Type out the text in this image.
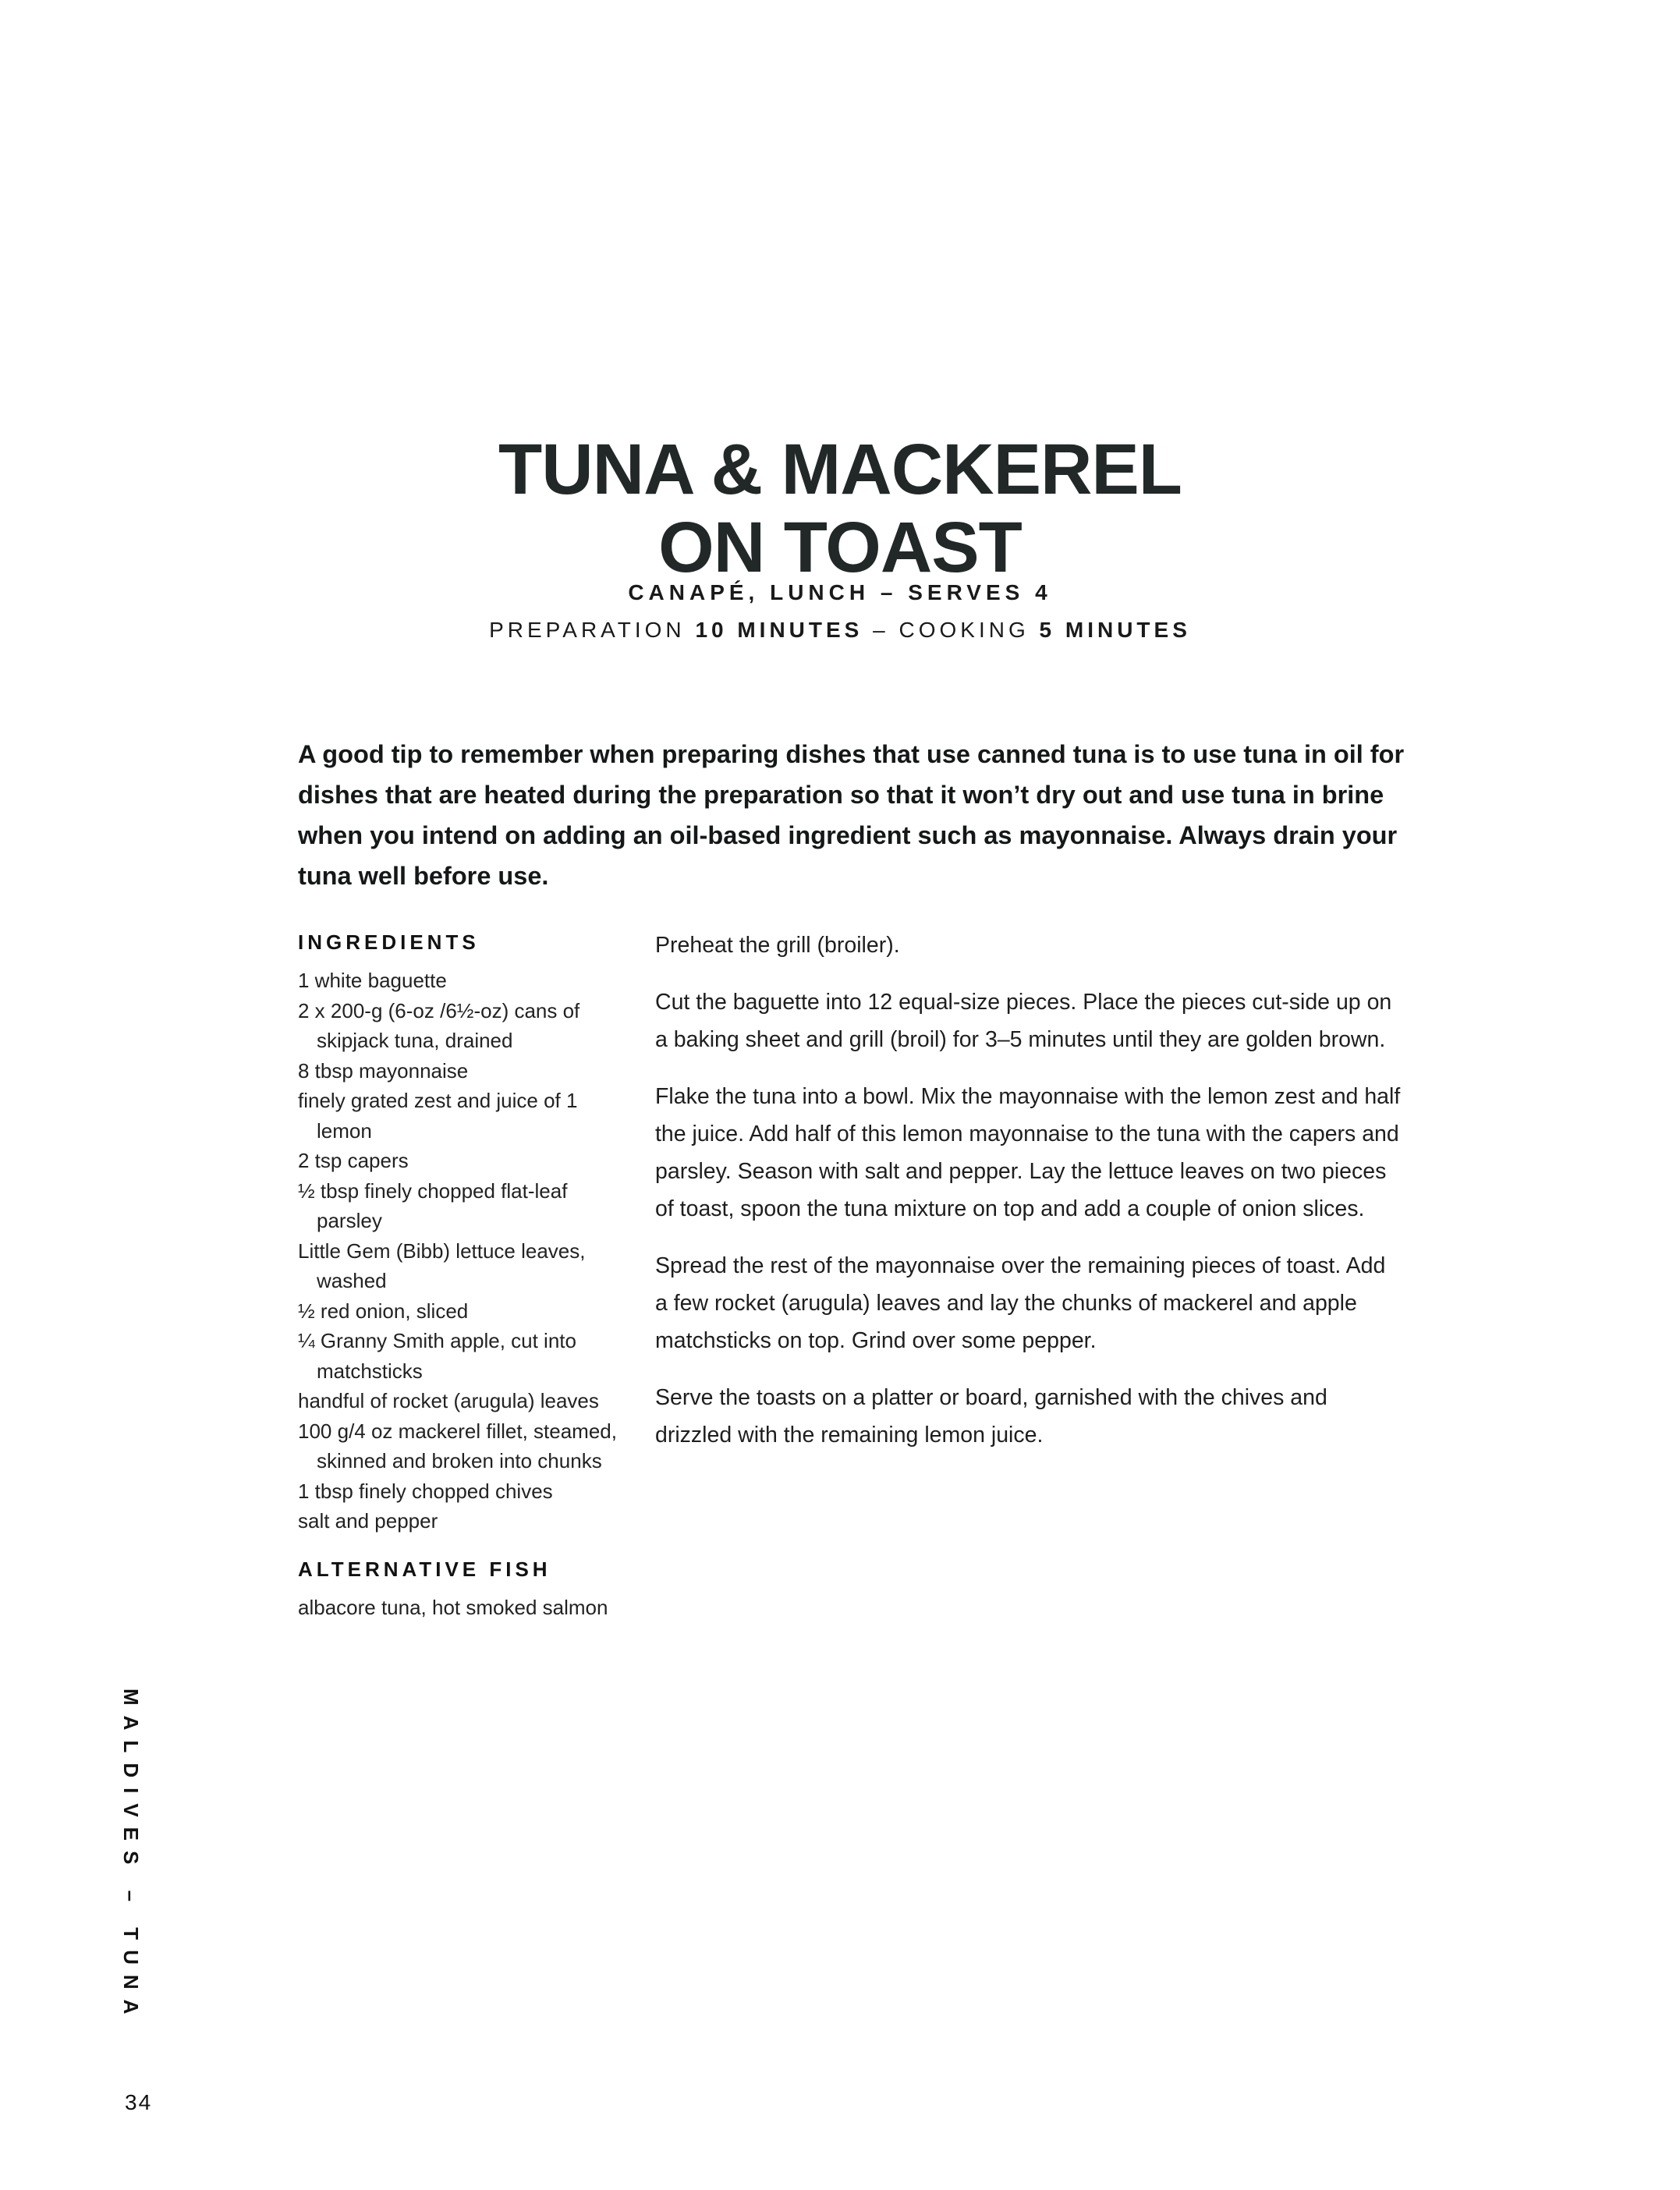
TUNA & MACKEREL
ON TOAST
CANAPÉ, LUNCH – SERVES 4
PREPARATION 10 MINUTES – COOKING 5 MINUTES

A good tip to remember when preparing dishes that use canned tuna is to use tuna in oil for dishes that are heated during the preparation so that it won’t dry out and use tuna in brine when you intend on adding an oil-based ingredient such as mayonnaise. Always drain your tuna well before use.

INGREDIENTS
1 white baguette
2 x 200-g (6-oz /6½-oz) cans of skipjack tuna, drained
8 tbsp mayonnaise
finely grated zest and juice of 1 lemon
2 tsp capers
½ tbsp finely chopped flat-leaf parsley
Little Gem (Bibb) lettuce leaves, washed
½ red onion, sliced
¼ Granny Smith apple, cut into matchsticks
handful of rocket (arugula) leaves
100 g/4 oz mackerel fillet, steamed, skinned and broken into chunks
1 tbsp finely chopped chives
salt and pepper
ALTERNATIVE FISH
albacore tuna, hot smoked salmon

Preheat the grill (broiler).

Cut the baguette into 12 equal-size pieces. Place the pieces cut-side up on a baking sheet and grill (broil) for 3–5 minutes until they are golden brown.

Flake the tuna into a bowl. Mix the mayonnaise with the lemon zest and half the juice. Add half of this lemon mayonnaise to the tuna with the capers and parsley. Season with salt and pepper. Lay the lettuce leaves on two pieces of toast, spoon the tuna mixture on top and add a couple of onion slices.

Spread the rest of the mayonnaise over the remaining pieces of toast. Add a few rocket (arugula) leaves and lay the chunks of mackerel and apple matchsticks on top. Grind over some pepper.

Serve the toasts on a platter or board, garnished with the chives and drizzled with the remaining lemon juice.

MALDIVES – TUNA
34
